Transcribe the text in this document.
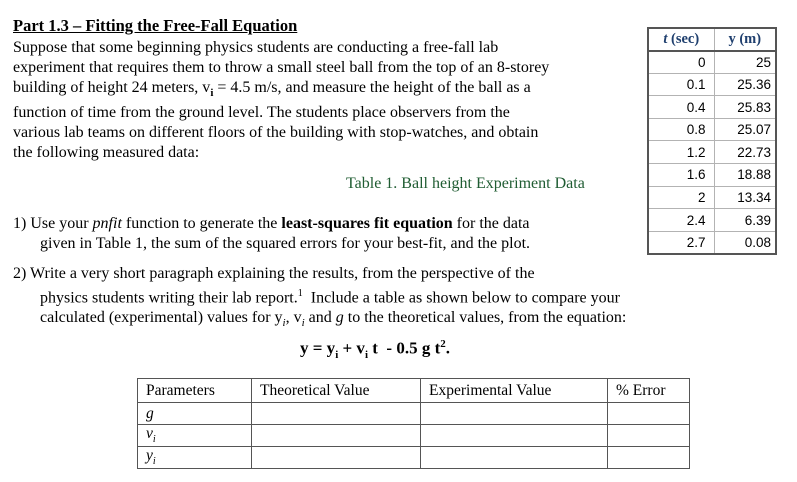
Part 1.3 – Fitting the Free-Fall Equation
Suppose that some beginning physics students are conducting a free-fall lab
experiment that requires them to throw a small steel ball from the top of an 8-storey
building of height 24 meters, $v_i = 4.5$ m/s, and measure the height of the ball as a
function of time from the ground level. The students place observers from the
various lab teams on different floors of the building with stop-watches, and obtain
the following measured data:
t (sec)	y (m)
0	25
0.1	25.36
0.4	25.83
0.8	25.07
1.2	22.73
1.6	18.88
2	13.34
2.4	6.39
2.7	0.08
Table 1. Ball height Experiment Data
1) Use your pnfit function to generate the least-squares fit equation for the data
given in Table 1, the sum of the squared errors for your best-fit, and the plot.
2) Write a very short paragraph explaining the results, from the perspective of the
physics students writing their lab report.$^1$  Include a table as shown below to compare your
calculated (experimental) values for $y_i$, $v_i$ and g to the theoretical values, from the equation:
$y = y_i + v_i$ t  - 0.5 g $t^2$.
Parameters	Theoretical Value	Experimental Value	% Error
g			
$v_i$			
$y_i$			
